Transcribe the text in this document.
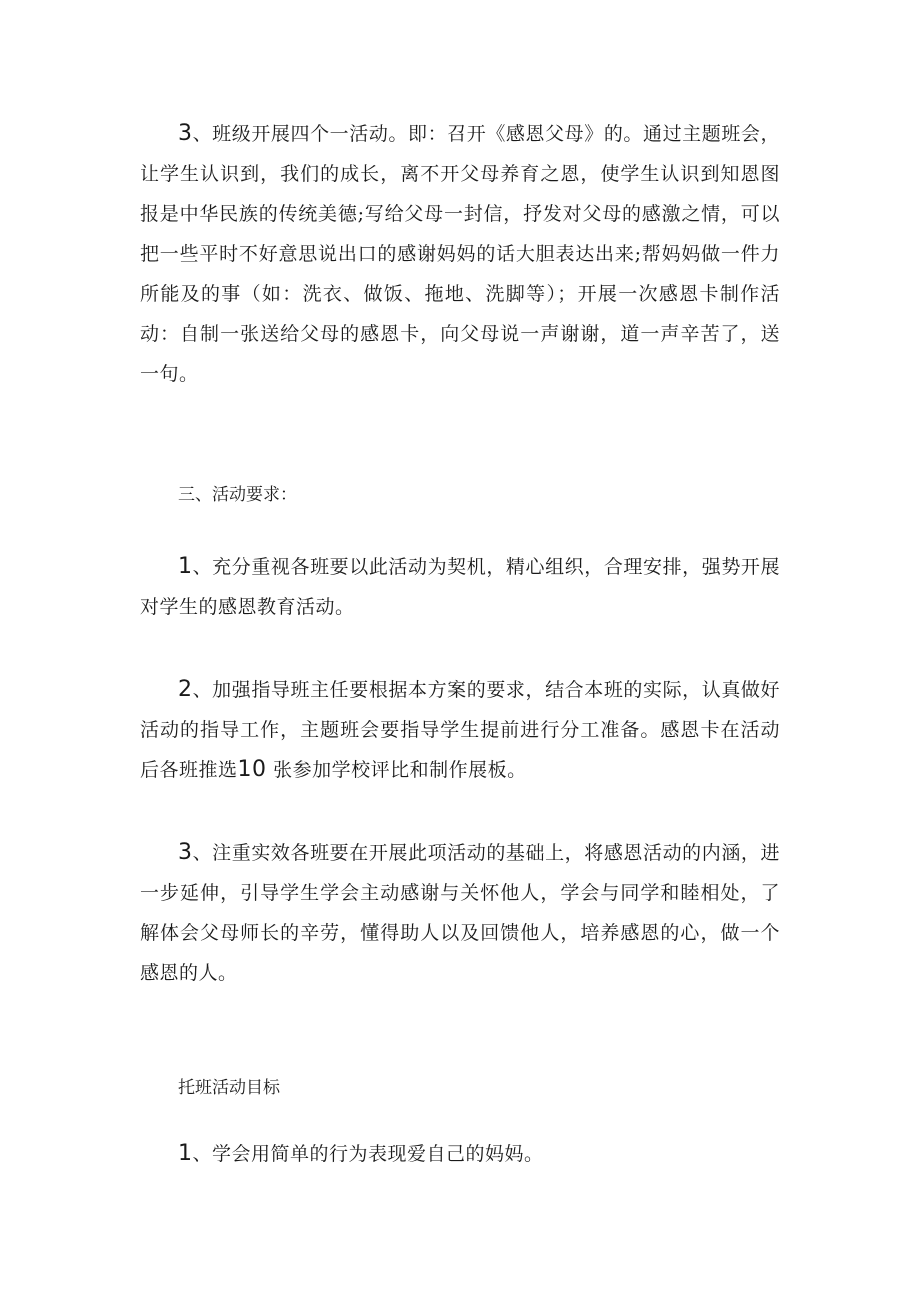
3、班级开展四个一活动。即：召开《感恩父母》的。通过主题班会，让学生认识到，我们的成长，离不开父母养育之恩，使学生认识到知恩图报是中华民族的传统美德;写给父母一封信，抒发对父母的感激之情，可以把一些平时不好意思说出口的感谢妈妈的话大胆表达出来;帮妈妈做一件力所能及的事（如：洗衣、做饭、拖地、洗脚等）；开展一次感恩卡制作活动：自制一张送给父母的感恩卡，向父母说一声谢谢，道一声辛苦了，送一句。

三、活动要求：

1、充分重视各班要以此活动为契机，精心组织，合理安排，强势开展对学生的感恩教育活动。

2、加强指导班主任要根据本方案的要求，结合本班的实际，认真做好活动的指导工作，主题班会要指导学生提前进行分工准备。感恩卡在活动后各班推选10 张参加学校评比和制作展板。

3、注重实效各班要在开展此项活动的基础上，将感恩活动的内涵，进一步延伸，引导学生学会主动感谢与关怀他人，学会与同学和睦相处，了解体会父母师长的辛劳，懂得助人以及回馈他人，培养感恩的心，做一个感恩的人。

托班活动目标

1、学会用简单的行为表现爱自己的妈妈。
